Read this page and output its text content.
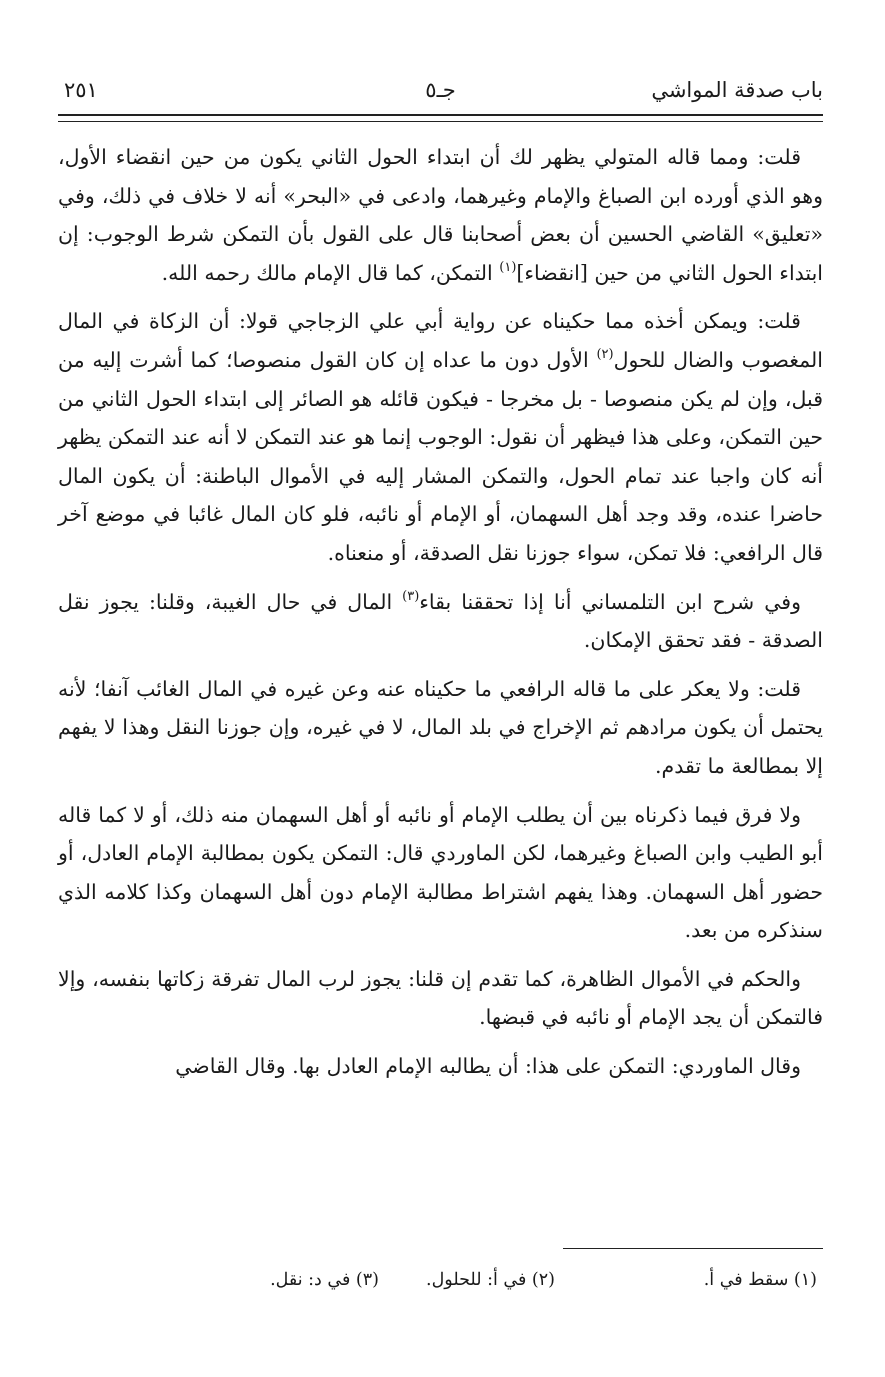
باب صدقة المواشي
جـ٥
٢٥١

قلت: ومما قاله المتولي يظهر لك أن ابتداء الحول الثاني يكون من حين انقضاء الأول، وهو الذي أورده ابن الصباغ والإمام وغيرهما، وادعى في «البحر» أنه لا خلاف في ذلك، وفي «تعليق» القاضي الحسين أن بعض أصحابنا قال على القول بأن التمكن شرط الوجوب: إن ابتداء الحول الثاني من حين [انقضاء]$^{(١)}$ التمكن، كما قال الإمام مالك رحمه الله.

قلت: ويمكن أخذه مما حكيناه عن رواية أبي علي الزجاجي قولا: أن الزكاة في المال المغصوب والضال للحول$^{(٢)}$ الأول دون ما عداه إن كان القول منصوصا؛ كما أشرت إليه من قبل، وإن لم يكن منصوصا - بل مخرجا - فيكون قائله هو الصائر إلى ابتداء الحول الثاني من حين التمكن، وعلى هذا فيظهر أن نقول: الوجوب إنما هو عند التمكن لا أنه عند التمكن يظهر أنه كان واجبا عند تمام الحول، والتمكن المشار إليه في الأموال الباطنة: أن يكون المال حاضرا عنده، وقد وجد أهل السهمان، أو الإمام أو نائبه، فلو كان المال غائبا في موضع آخر قال الرافعي: فلا تمكن، سواء جوزنا نقل الصدقة، أو منعناه.

وفي شرح ابن التلمساني أنا إذا تحققنا بقاء$^{(٣)}$ المال في حال الغيبة، وقلنا: يجوز نقل الصدقة - فقد تحقق الإمكان.

قلت: ولا يعكر على ما قاله الرافعي ما حكيناه عنه وعن غيره في المال الغائب آنفا؛ لأنه يحتمل أن يكون مرادهم ثم الإخراج في بلد المال، لا في غيره، وإن جوزنا النقل وهذا لا يفهم إلا بمطالعة ما تقدم.

ولا فرق فيما ذكرناه بين أن يطلب الإمام أو نائبه أو أهل السهمان منه ذلك، أو لا كما قاله أبو الطيب وابن الصباغ وغيرهما، لكن الماوردي قال: التمكن يكون بمطالبة الإمام العادل، أو حضور أهل السهمان. وهذا يفهم اشتراط مطالبة الإمام دون أهل السهمان وكذا كلامه الذي سنذكره من بعد.

والحكم في الأموال الظاهرة، كما تقدم إن قلنا: يجوز لرب المال تفرقة زكاتها بنفسه، وإلا فالتمكن أن يجد الإمام أو نائبه في قبضها.

وقال الماوردي: التمكن على هذا: أن يطالبه الإمام العادل بها. وقال القاضي

(١) سقط في أ.
(٢) في أ: للحلول.
(٣) في د: نقل.
